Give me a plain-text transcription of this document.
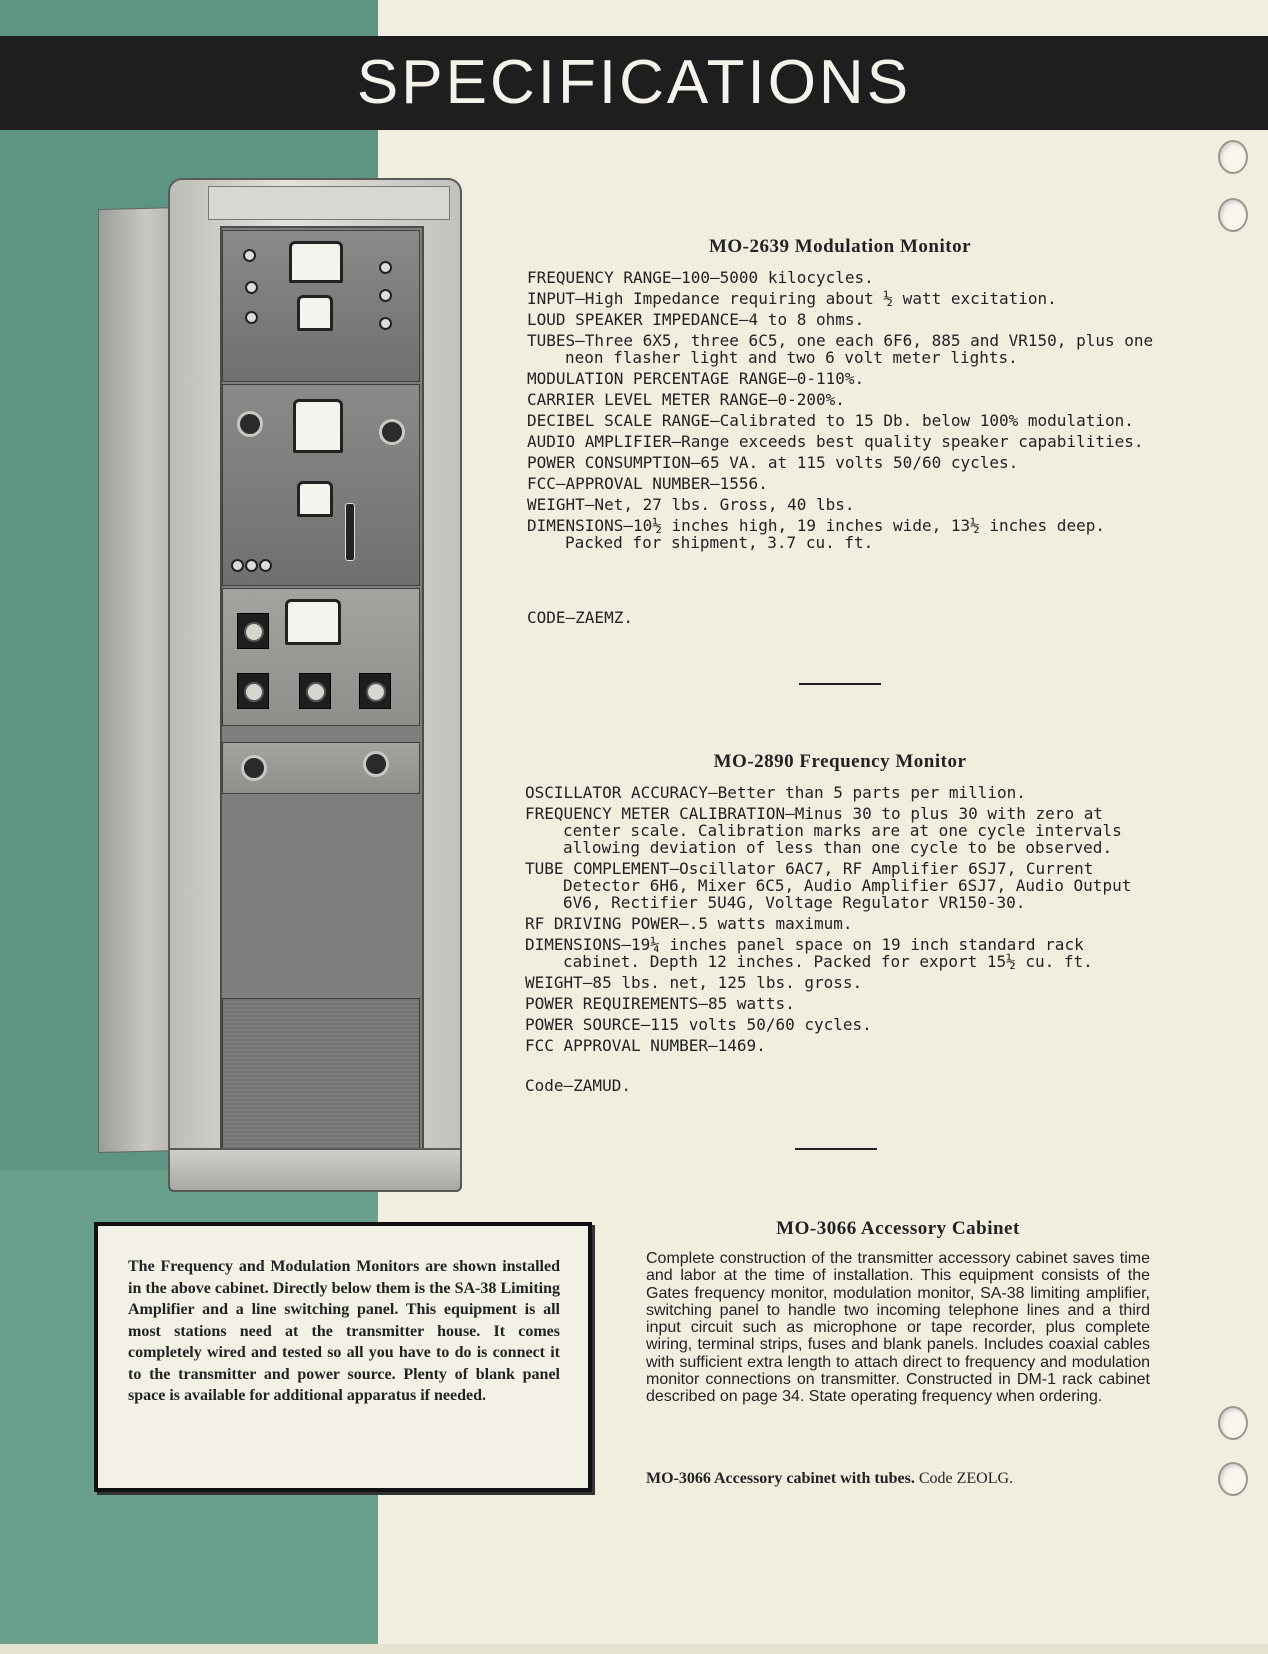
SPECIFICATIONS
MO-2639 Modulation Monitor
FREQUENCY RANGE—100—5000 kilocycles.
INPUT—High Impedance requiring about ½ watt excitation.
LOUD SPEAKER IMPEDANCE—4 to 8 ohms.
TUBES—Three 6X5, three 6C5, one each 6F6, 885 and VR150, plus one neon flasher light and two 6 volt meter lights.
MODULATION PERCENTAGE RANGE—0-110%.
CARRIER LEVEL METER RANGE—0-200%.
DECIBEL SCALE RANGE—Calibrated to 15 Db. below 100% modulation.
AUDIO AMPLIFIER—Range exceeds best quality speaker capabilities.
POWER CONSUMPTION—65 VA. at 115 volts 50/60 cycles.
FCC—APPROVAL NUMBER—1556.
WEIGHT—Net, 27 lbs. Gross, 40 lbs.
DIMENSIONS—10½ inches high, 19 inches wide, 13½ inches deep. Packed for shipment, 3.7 cu. ft.
CODE—ZAEMZ.
MO-2890 Frequency Monitor
OSCILLATOR ACCURACY—Better than 5 parts per million.
FREQUENCY METER CALIBRATION—Minus 30 to plus 30 with zero at center scale. Calibration marks are at one cycle intervals allowing deviation of less than one cycle to be observed.
TUBE COMPLEMENT—Oscillator 6AC7, RF Amplifier 6SJ7, Current Detector 6H6, Mixer 6C5, Audio Amplifier 6SJ7, Audio Output 6V6, Rectifier 5U4G, Voltage Regulator VR150-30.
RF DRIVING POWER—.5 watts maximum.
DIMENSIONS—19¼ inches panel space on 19 inch standard rack cabinet. Depth 12 inches. Packed for export 15½ cu. ft.
WEIGHT—85 lbs. net, 125 lbs. gross.
POWER REQUIREMENTS—85 watts.
POWER SOURCE—115 volts 50/60 cycles.
FCC APPROVAL NUMBER—1469.
Code—ZAMUD.
The Frequency and Modulation Monitors are shown installed in the above cabinet. Directly below them is the SA-38 Limiting Amplifier and a line switching panel. This equipment is all most stations need at the transmitter house. It comes completely wired and tested so all you have to do is connect it to the transmitter and power source. Plenty of blank panel space is available for additional apparatus if needed.
MO-3066 Accessory Cabinet
Complete construction of the transmitter accessory cabinet saves time and labor at the time of installation. This equipment consists of the Gates frequency monitor, modulation monitor, SA-38 limiting amplifier, switching panel to handle two incoming telephone lines and a third input circuit such as microphone or tape recorder, plus complete wiring, terminal strips, fuses and blank panels. Includes coaxial cables with sufficient extra length to attach direct to frequency and modulation monitor connections on transmitter. Constructed in DM-1 rack cabinet described on page 34. State operating frequency when ordering.
MO-3066 Accessory cabinet with tubes. Code ZEOLG.
